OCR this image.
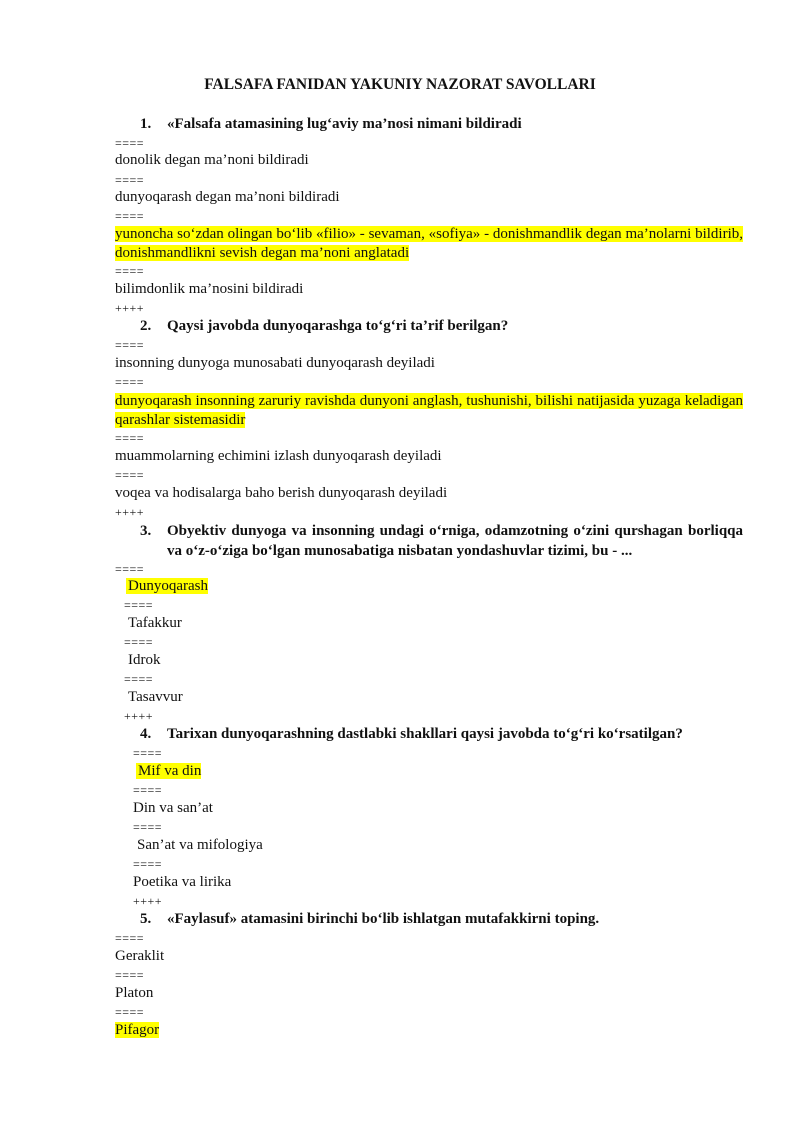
FALSAFA FANIDAN YAKUNIY NAZORAT SAVOLLARI
1. «Falsafa atamasining lug‘aviy ma’nosi nimani bildiradi
====
donolik degan ma’noni bildiradi
====
dunyoqarash degan ma’noni bildiradi
====
yunoncha so‘zdan olingan bo‘lib «filio» - sevaman, «sofiya» - donishmandlik degan ma’nolarni bildirib, donishmandlikni sevish degan ma’noni anglatadi
====
bilimdonlik ma’nosini bildiradi
++++
2. Qaysi javobda dunyoqarashga to‘g‘ri ta’rif berilgan?
====
insonning dunyoga munosabati dunyoqarash deyiladi
====
dunyoqarash insonning zaruriy ravishda dunyoni anglash, tushunishi, bilishi natijasida yuzaga keladigan qarashlar sistemasidir
====
muammolarning echimini izlash dunyoqarash deyiladi
====
voqea va hodisalarga baho berish dunyoqarash deyiladi
++++
3. Obyektiv dunyoga va insonning undagi o‘rniga, odamzotning o‘zini qurshagan borliqqa va o‘z-o‘ziga bo‘lgan munosabatiga nisbatan yondashuvlar tizimi, bu - ...
====
Dunyoqarash
====
Tafakkur
====
Idrok
====
Tasavvur
++++
4. Tarixan dunyoqarashning dastlabki shakllari qaysi javobda to‘g‘ri ko‘rsatilgan?
====
Mif va din
====
Din va san’at
====
San’at va mifologiya
====
Poetika va lirika
++++
5. «Faylasuf» atamasini birinchi bo‘lib ishlatgan mutafakkirni toping.
====
Geraklit
====
Platon
====
Pifagor
